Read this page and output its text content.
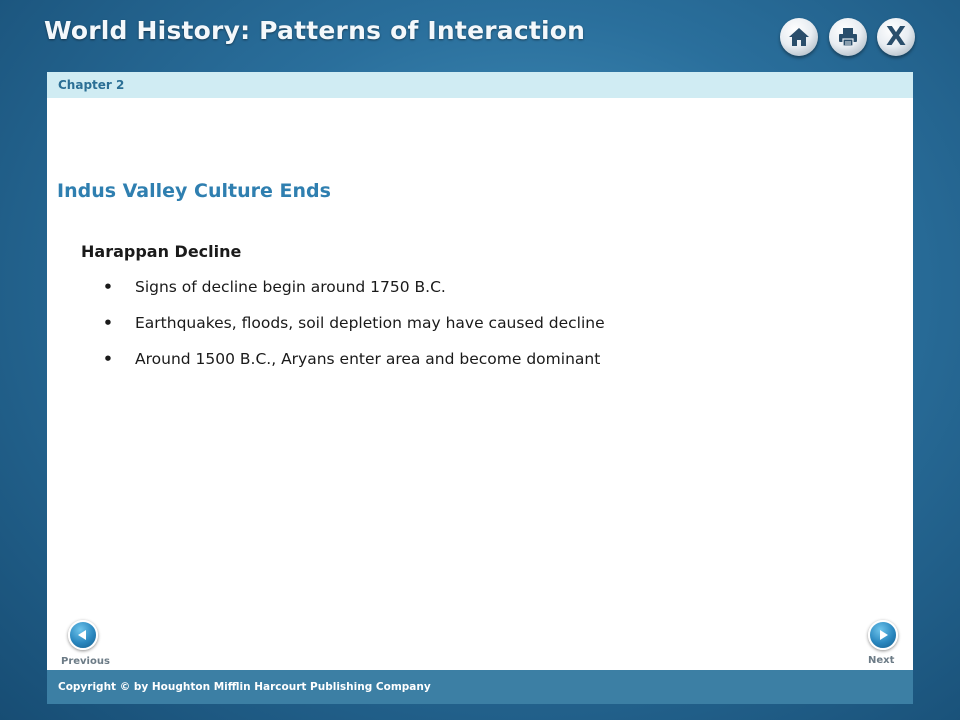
World History: Patterns of Interaction	X
Chapter 2
Indus Valley Culture Ends
Harappan Decline
•	Signs of decline begin around 1750 B.C.
•	Earthquakes, floods, soil depletion may have caused decline
•	Around 1500 B.C., Aryans enter area and become dominant
Previous	Next
Copyright © by Houghton Mifflin Harcourt Publishing Company
